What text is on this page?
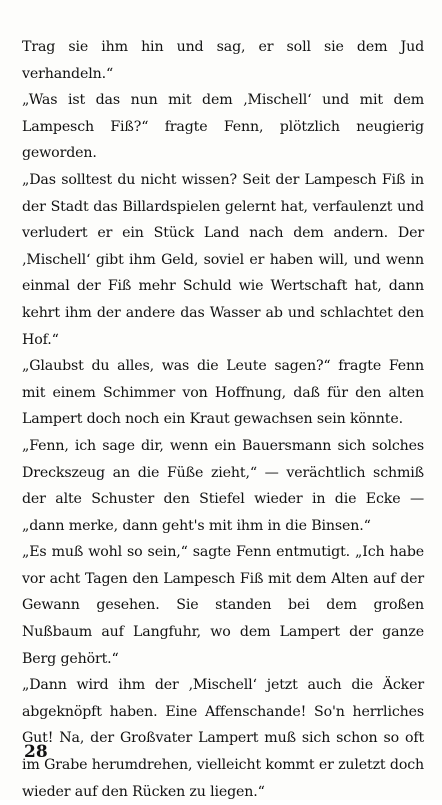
Trag sie ihm hin und sag, er soll sie dem Jud verhandeln.“

„Was ist das nun mit dem ‚Mischell‘ und mit dem Lampesch Fiß?“ fragte Fenn, plötzlich neugierig geworden.

„Das solltest du nicht wissen? Seit der Lampesch Fiß in der Stadt das Billardspielen gelernt hat, verfaulenzt und verludert er ein Stück Land nach dem andern. Der ‚Mischell‘ gibt ihm Geld, soviel er haben will, und wenn einmal der Fiß mehr Schuld wie Wertschaft hat, dann kehrt ihm der andere das Wasser ab und schlachtet den Hof.“

„Glaubst du alles, was die Leute sagen?“ fragte Fenn mit einem Schimmer von Hoffnung, daß für den alten Lampert doch noch ein Kraut gewachsen sein könnte.

„Fenn, ich sage dir, wenn ein Bauersmann sich solches Dreckszeug an die Füße zieht,“ — verächtlich schmiß der alte Schuster den Stiefel wieder in die Ecke — „dann merke, dann geht's mit ihm in die Binsen.“

„Es muß wohl so sein,“ sagte Fenn entmutigt. „Ich habe vor acht Tagen den Lampesch Fiß mit dem Alten auf der Gewann gesehen. Sie standen bei dem großen Nußbaum auf Langfuhr, wo dem Lampert der ganze Berg gehört.“

„Dann wird ihm der ‚Mischell‘ jetzt auch die Äcker abgeknöpft haben. Eine Affenschande! So'n herrliches Gut! Na, der Großvater Lampert muß sich schon so oft im Grabe herumdrehen, vielleicht kommt er zuletzt doch wieder auf den Rücken zu liegen.“

28
